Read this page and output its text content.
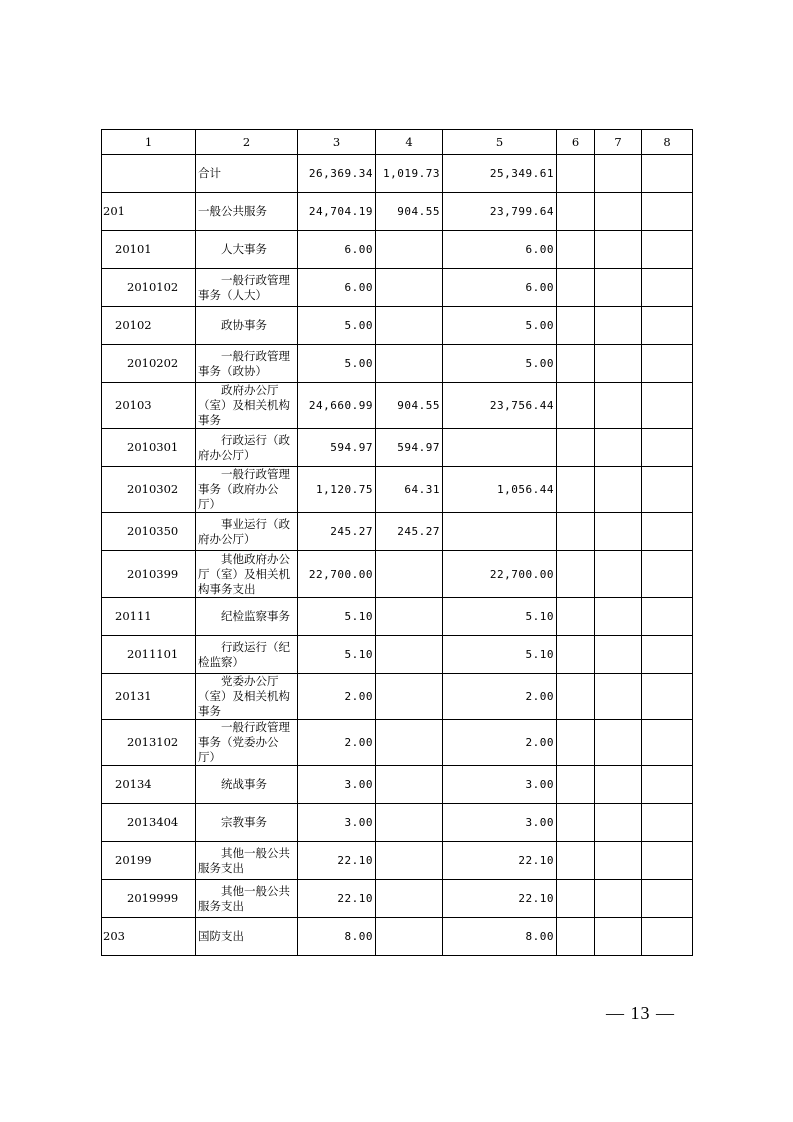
1	2	3	4	5	6	7	8
	合计	26,369.34	1,019.73	25,349.61			
201	一般公共服务	24,704.19	904.55	23,799.64			
20101	人大事务	6.00		6.00			
2010102	一般行政管理事务（人大）	6.00		6.00			
20102	政协事务	5.00		5.00			
2010202	一般行政管理事务（政协）	5.00		5.00			
20103	政府办公厅（室）及相关机构事务	24,660.99	904.55	23,756.44			
2010301	行政运行（政府办公厅）	594.97	594.97				
2010302	一般行政管理事务（政府办公厅）	1,120.75	64.31	1,056.44			
2010350	事业运行（政府办公厅）	245.27	245.27				
2010399	其他政府办公厅（室）及相关机构事务支出	22,700.00		22,700.00			
20111	纪检监察事务	5.10		5.10			
2011101	行政运行（纪检监察）	5.10		5.10			
20131	党委办公厅（室）及相关机构事务	2.00		2.00			
2013102	一般行政管理事务（党委办公厅）	2.00		2.00			
20134	统战事务	3.00		3.00			
2013404	宗教事务	3.00		3.00			
20199	其他一般公共服务支出	22.10		22.10			
2019999	其他一般公共服务支出	22.10		22.10			
203	国防支出	8.00		8.00			
— 13 —
